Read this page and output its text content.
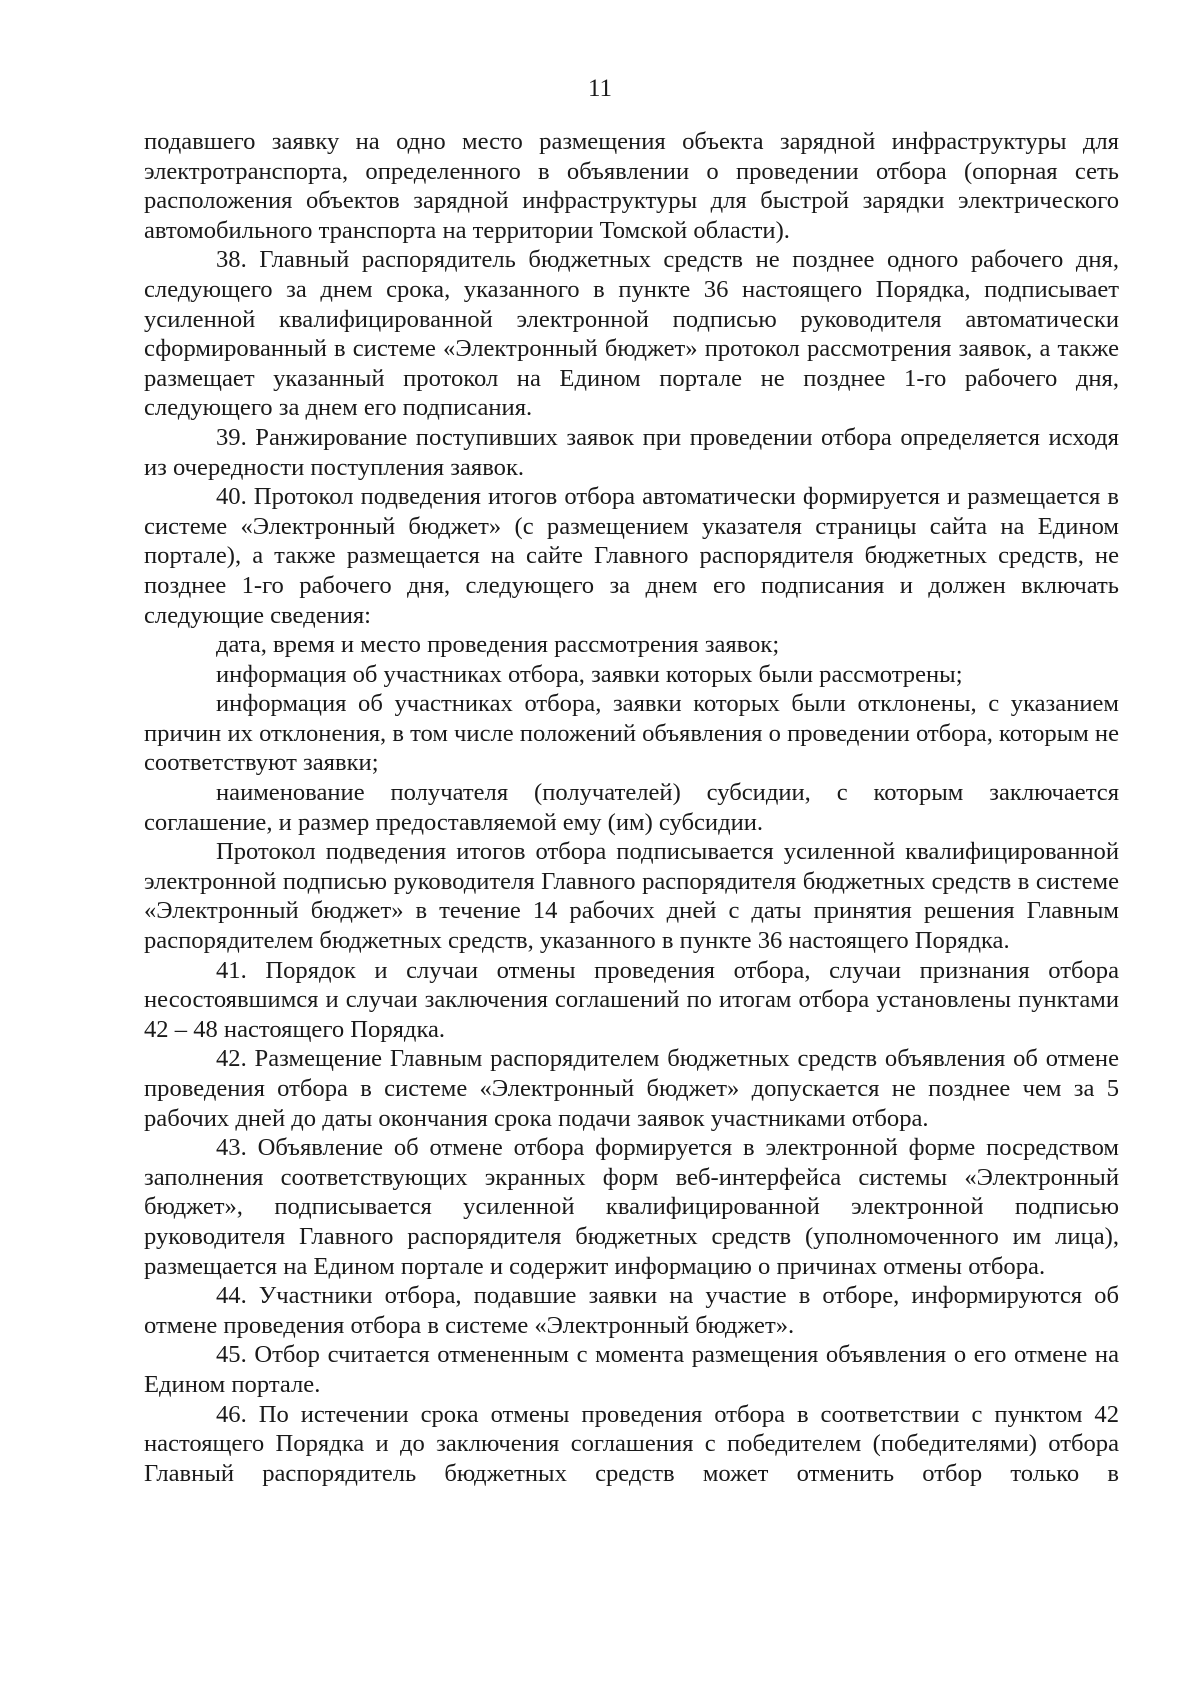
11

подавшего заявку на одно место размещения объекта зарядной инфраструктуры для электротранспорта, определенного в объявлении о проведении отбора (опорная сеть расположения объектов зарядной инфраструктуры для быстрой зарядки электрического автомобильного транспорта на территории Томской области).

38. Главный распорядитель бюджетных средств не позднее одного рабочего дня, следующего за днем срока, указанного в пункте 36 настоящего Порядка, подписывает усиленной квалифицированной электронной подписью руководителя автоматически сформированный в системе «Электронный бюджет» протокол рассмотрения заявок, а также размещает указанный протокол на Едином портале не позднее 1-го рабочего дня, следующего за днем его подписания.

39. Ранжирование поступивших заявок при проведении отбора определяется исходя из очередности поступления заявок.

40. Протокол подведения итогов отбора автоматически формируется и размещается в системе «Электронный бюджет» (с размещением указателя страницы сайта на Едином портале), а также размещается на сайте Главного распорядителя бюджетных средств, не позднее 1-го рабочего дня, следующего за днем его подписания и должен включать следующие сведения:

дата, время и место проведения рассмотрения заявок;

информация об участниках отбора, заявки которых были рассмотрены;

информация об участниках отбора, заявки которых были отклонены, с указанием причин их отклонения, в том числе положений объявления о проведении отбора, которым не соответствуют заявки;

наименование получателя (получателей) субсидии, с которым заключается соглашение, и размер предоставляемой ему (им) субсидии.

Протокол подведения итогов отбора подписывается усиленной квалифицированной электронной подписью руководителя Главного распорядителя бюджетных средств в системе «Электронный бюджет» в течение 14 рабочих дней с даты принятия решения Главным распорядителем бюджетных средств, указанного в пункте 36 настоящего Порядка.

41. Порядок и случаи отмены проведения отбора, случаи признания отбора несостоявшимся и случаи заключения соглашений по итогам отбора установлены пунктами 42 – 48 настоящего Порядка.

42. Размещение Главным распорядителем бюджетных средств объявления об отмене проведения отбора в системе «Электронный бюджет» допускается не позднее чем за 5 рабочих дней до даты окончания срока подачи заявок участниками отбора.

43. Объявление об отмене отбора формируется в электронной форме посредством заполнения соответствующих экранных форм веб-интерфейса системы «Электронный бюджет», подписывается усиленной квалифицированной электронной подписью руководителя Главного распорядителя бюджетных средств (уполномоченного им лица), размещается на Едином портале и содержит информацию о причинах отмены отбора.

44. Участники отбора, подавшие заявки на участие в отборе, информируются об отмене проведения отбора в системе «Электронный бюджет».

45. Отбор считается отмененным с момента размещения объявления о его отмене на Едином портале.

46. По истечении срока отмены проведения отбора в соответствии с пунктом 42 настоящего Порядка и до заключения соглашения с победителем (победителями) отбора Главный распорядитель бюджетных средств может отменить отбор только в
